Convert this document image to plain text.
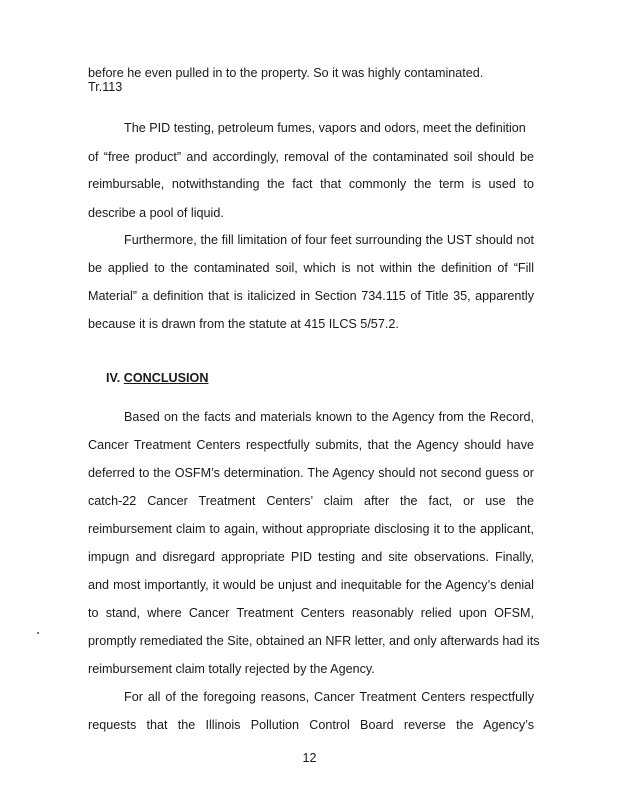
before he even pulled in to the property. So it was highly contaminated.
Tr.113
The PID testing, petroleum fumes, vapors and odors, meet the definition
of “free product” and accordingly, removal of the contaminated soil should be
reimbursable, notwithstanding the fact that commonly the term is used to
describe a pool of liquid.
Furthermore, the fill limitation of four feet surrounding the UST should not
be applied to the contaminated soil, which is not within the definition of “Fill
Material” a definition that is italicized in Section 734.115 of Title 35, apparently
because it is drawn from the statute at 415 ILCS 5/57.2.
IV. CONCLUSION
Based on the facts and materials known to the Agency from the Record,
Cancer Treatment Centers respectfully submits, that the Agency should have
deferred to the OSFM’s determination. The Agency should not second guess or
catch-22 Cancer Treatment Centers’ claim after the fact, or use the
reimbursement claim to again, without appropriate disclosing it to the applicant,
impugn and disregard appropriate PID testing and site observations. Finally,
and most importantly, it would be unjust and inequitable for the Agency’s denial
to stand, where Cancer Treatment Centers reasonably relied upon OFSM,
promptly remediated the Site, obtained an NFR letter, and only afterwards had its
reimbursement claim totally rejected by the Agency.
For all of the foregoing reasons, Cancer Treatment Centers respectfully
requests that the Illinois Pollution Control Board reverse the Agency’s
12
